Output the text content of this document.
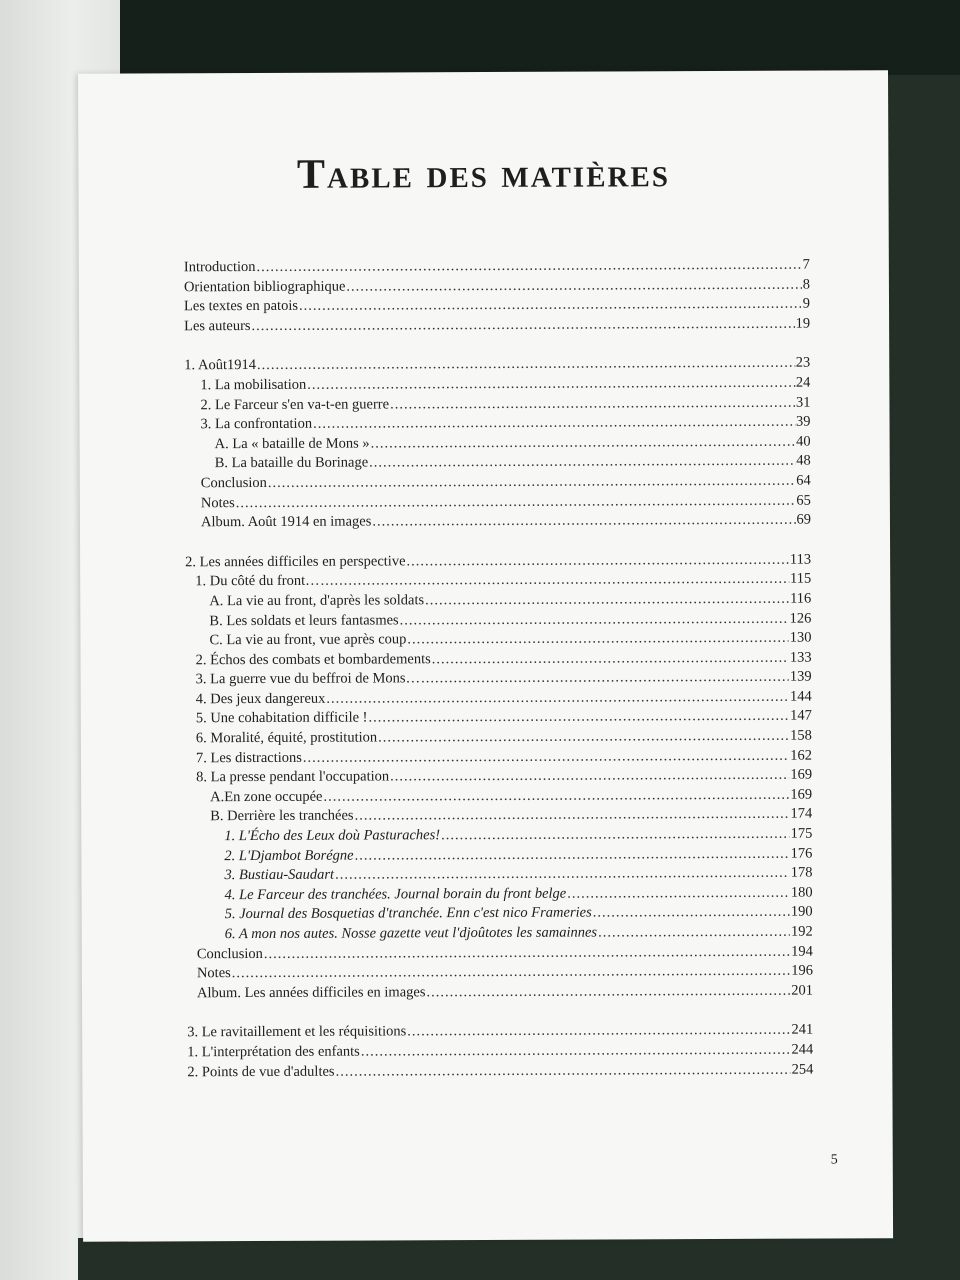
Table des matières
Introduction .....	7
Orientation bibliographique .....	8
Les textes en patois .....	9
Les auteurs .....	19
1. Août1914 .....	23
1. La mobilisation .....	24
2. Le Farceur s'en va-t-en guerre .....	31
3. La confrontation .....	39
A. La « bataille de Mons » .....	40
B. La bataille du Borinage .....	48
Conclusion .....	64
Notes .....	65
Album. Août 1914 en images .....	69
2. Les années difficiles en perspective .....	113
1. Du côté du front… .....	115
A. La vie au front, d'après les soldats .....	116
B. Les soldats et leurs fantasmes .....	126
C. La vie au front, vue après coup .....	130
2. Échos des combats et bombardements .....	133
3. La guerre vue du beffroi de Mons… .....	139
4. Des jeux dangereux .....	144
5. Une cohabitation difficile ! .....	147
6. Moralité, équité, prostitution .....	158
7. Les distractions .....	162
8. La presse pendant l'occupation .....	169
A.En zone occupée .....	169
B. Derrière les tranchées .....	174
1. L'Écho des Leux doù Pasturaches! .....	175
2. L'Djambot Borégne .....	176
3. Bustiau-Saudart .....	178
4. Le Farceur des tranchées. Journal borain du front belge .....	180
5. Journal des Bosquetias d'tranchée. Enn c'est nico Frameries .....	190
6. A mon nos autes. Nosse gazette veut l'djoûtotes les samainnes .....	192
Conclusion .....	194
Notes .....	196
Album. Les années difficiles en images .....	201
3. Le ravitaillement et les réquisitions .....	241
1. L'interprétation des enfants .....	244
2. Points de vue d'adultes .....	254
5
